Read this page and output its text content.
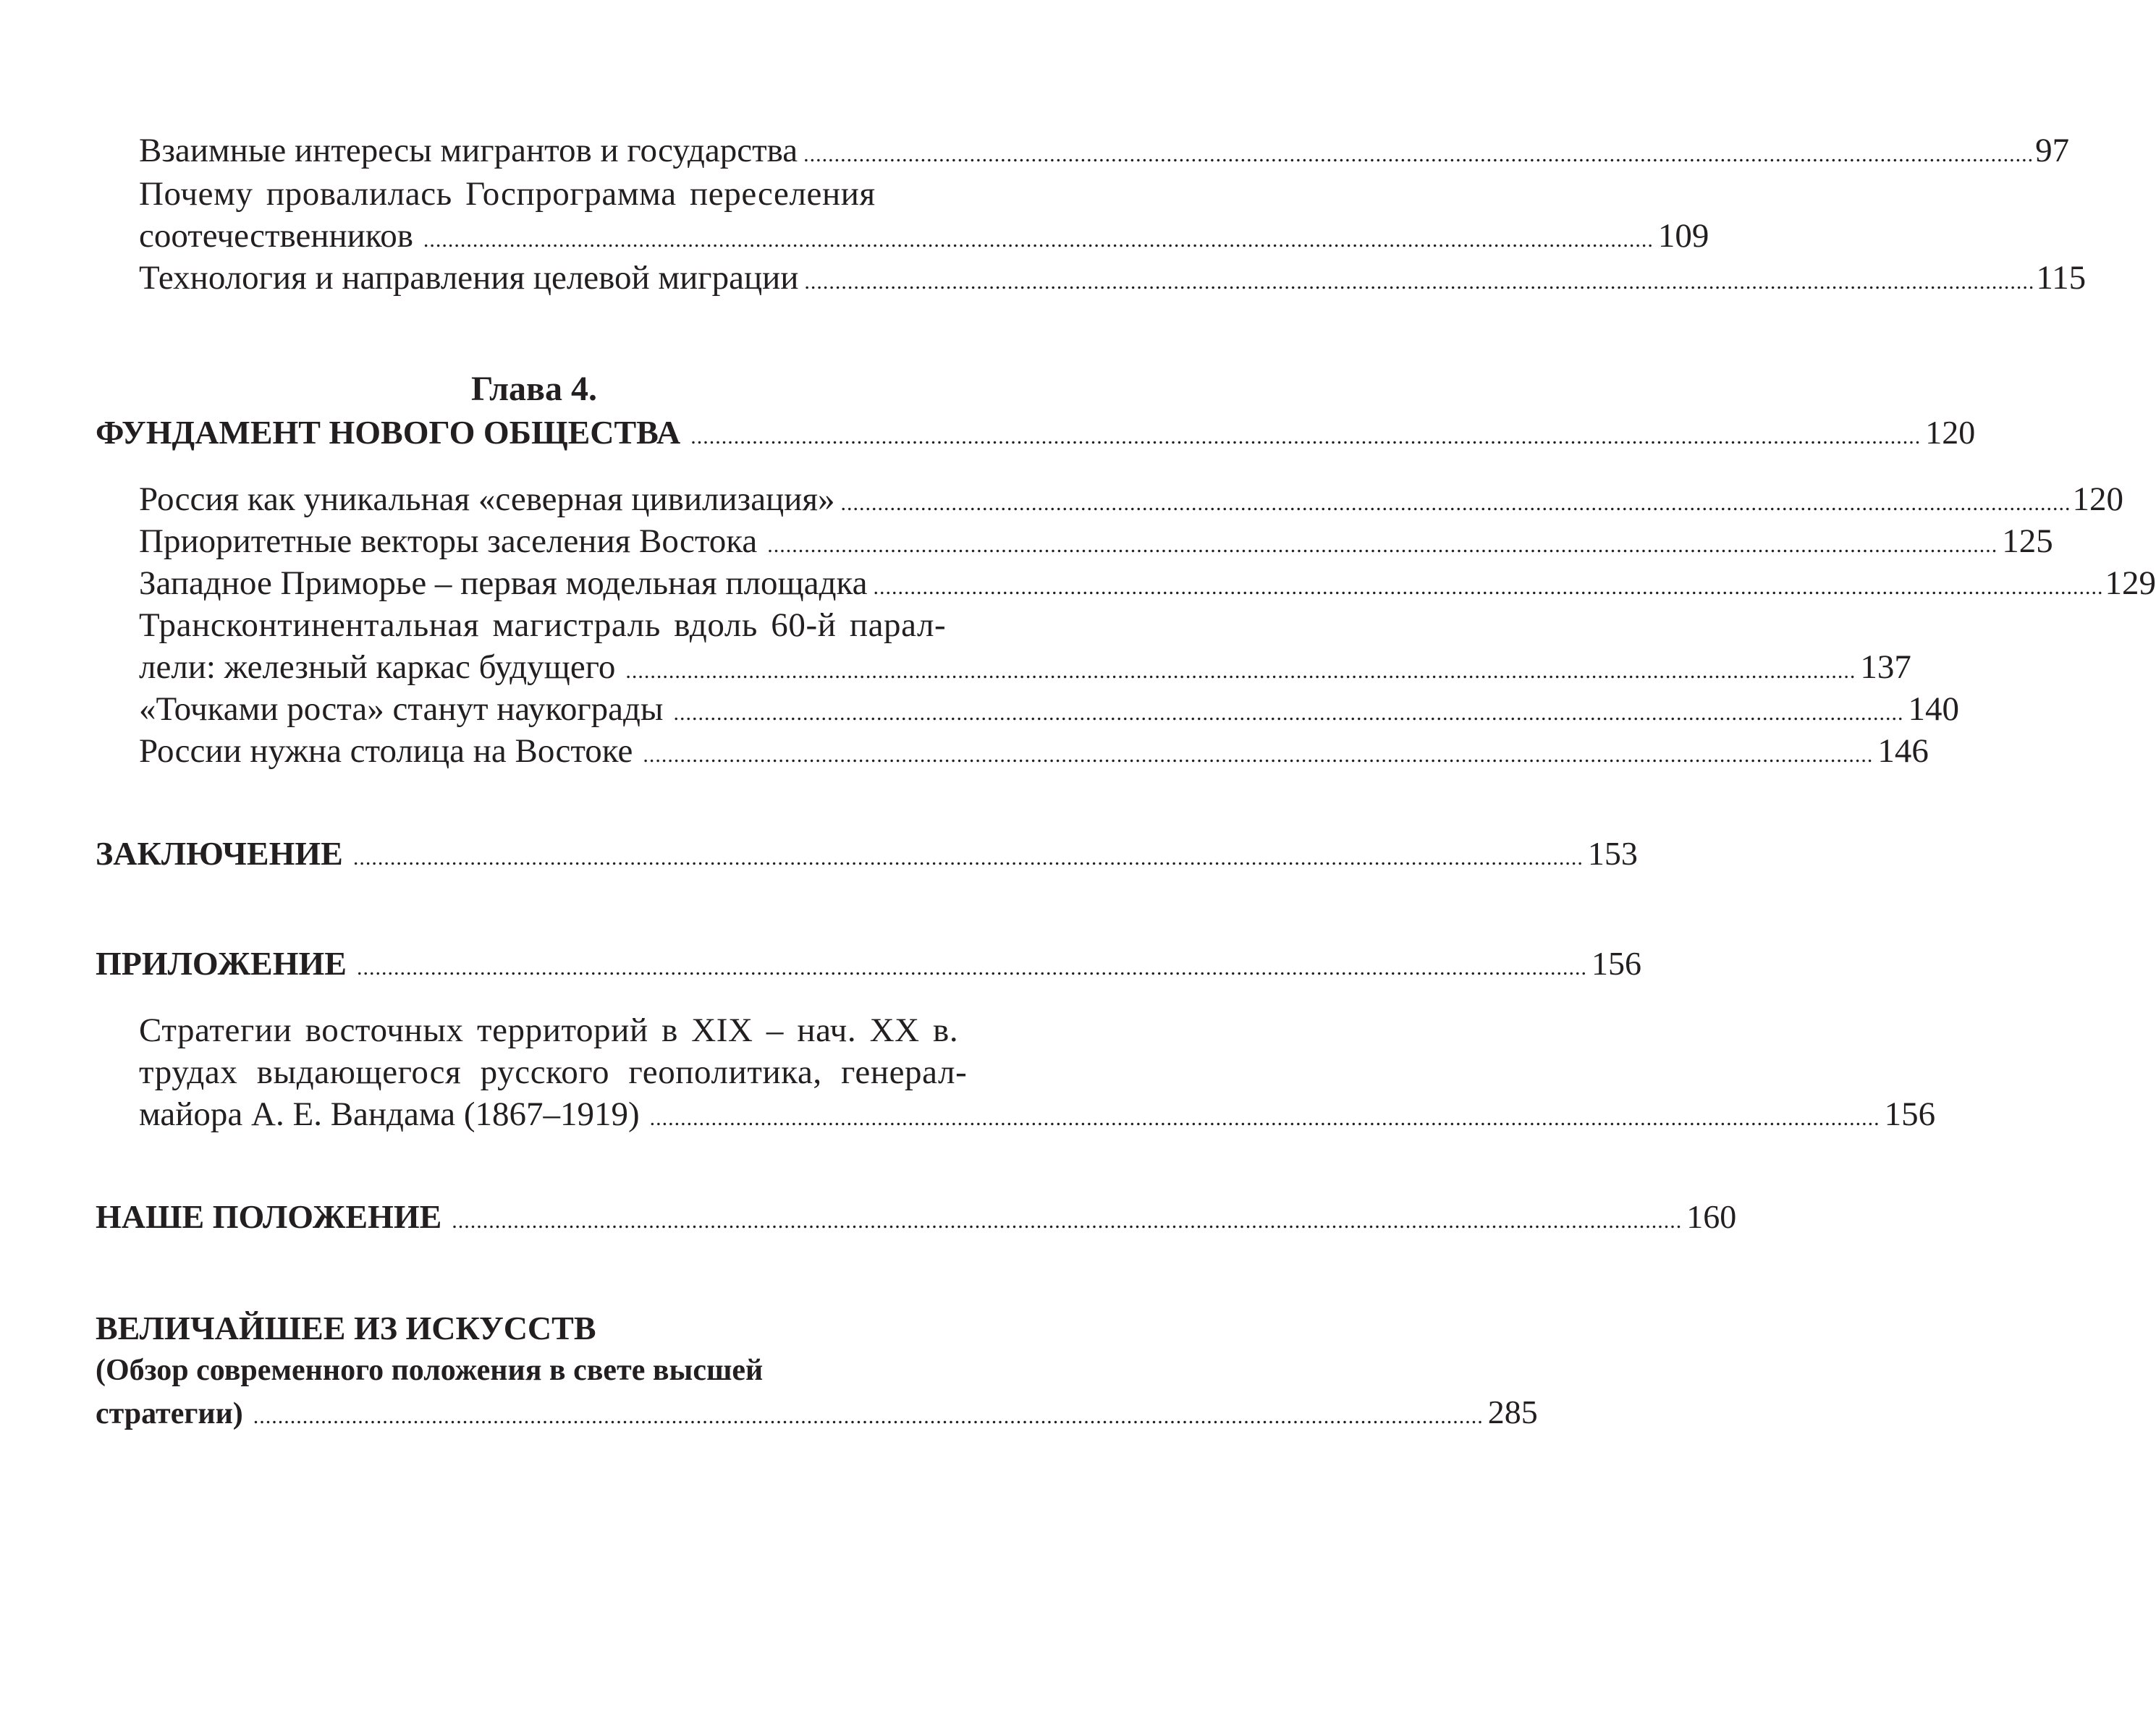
Взаимные интересы мигрантов и государства ........................................................................................................................................................................................................ 97
Почему провалилась Госпрограмма переселения
соотечественников ........................................................................................................................................................................................................ 109
Технология и направления целевой миграции ........................................................................................................................................................................................................ 115
Глава 4.
ФУНДАМЕНТ НОВОГО ОБЩЕСТВА ........................................................................................................................................................................................................ 120
Россия как уникальная «северная цивилизация» ........................................................................................................................................................................................................ 120
Приоритетные векторы заселения Востока ........................................................................................................................................................................................................ 125
Западное Приморье – первая модельная площадка ........................................................................................................................................................................................................ 129
Трансконтинентальная магистраль вдоль 60-й парал-
лели: железный каркас будущего ........................................................................................................................................................................................................ 137
«Точками роста» станут наукограды ........................................................................................................................................................................................................ 140
России нужна столица на Востоке ........................................................................................................................................................................................................ 146
ЗАКЛЮЧЕНИЕ ........................................................................................................................................................................................................ 153
ПРИЛОЖЕНИЕ ........................................................................................................................................................................................................ 156
Стратегии восточных территорий в XIX – нач. XX в.
трудах выдающегося русского геополитика, генерал-
майора А. Е. Вандама (1867–1919) ........................................................................................................................................................................................................ 156
НАШЕ ПОЛОЖЕНИЕ ........................................................................................................................................................................................................ 160
ВЕЛИЧАЙШЕЕ ИЗ ИСКУССТВ
(Обзор современного положения в свете высшей
стратегии) ........................................................................................................................................................................................................ 285
